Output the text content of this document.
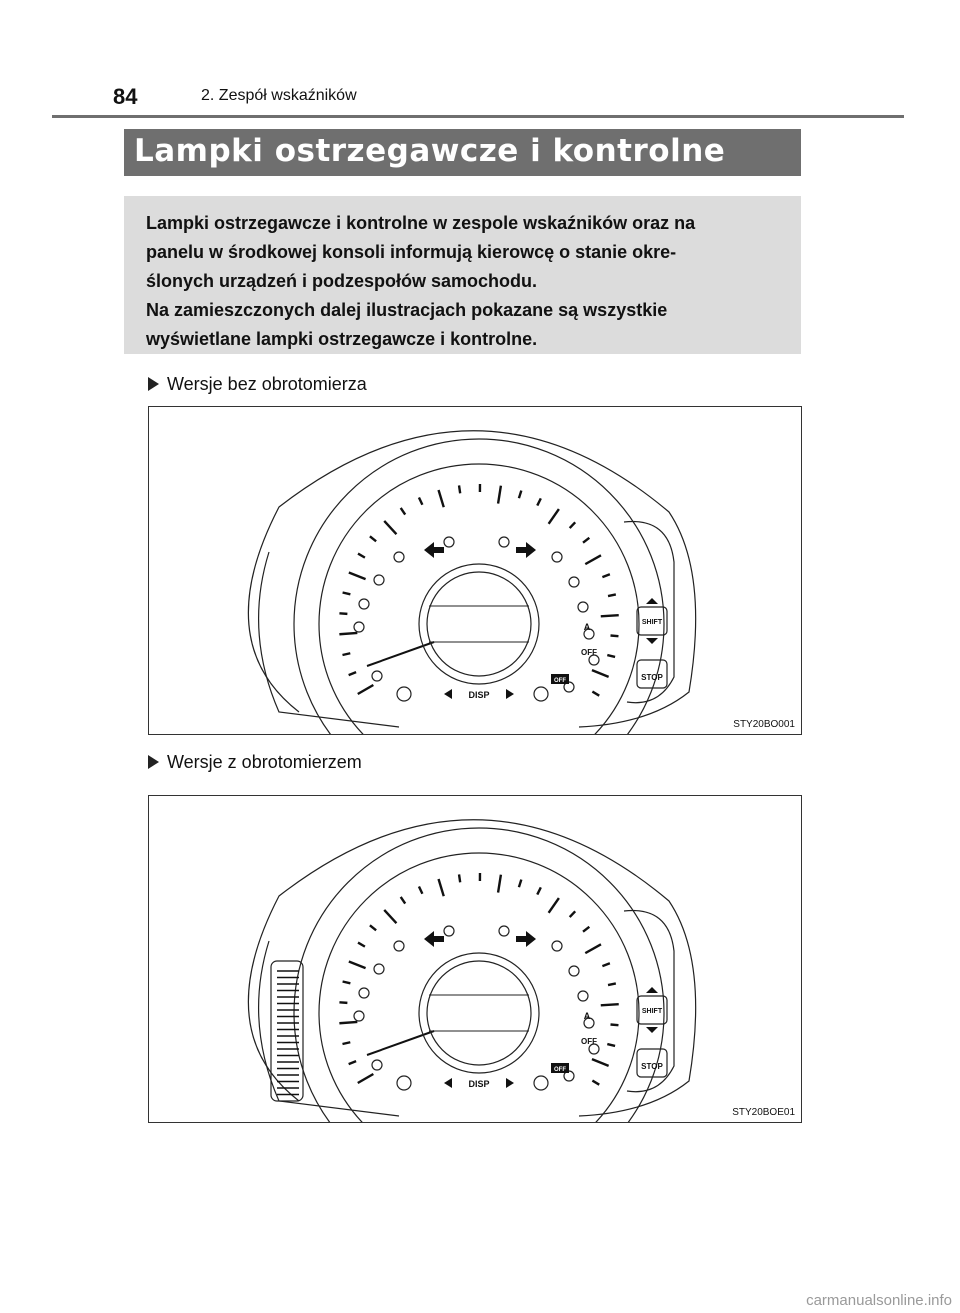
84	2. Zespół wskaźników
Lampki ostrzegawcze i kontrolne

Lampki ostrzegawcze i kontrolne w zespole wskaźników oraz na
panelu w środkowej konsoli informują kierowcę o stanie okre-
ślonych urządzeń i podzespołów samochodu.
Na zamieszczonych dalej ilustracjach pokazane są wszystkie
wyświetlane lampki ostrzegawcze i kontrolne.

Wersje bez obrotomierza
A
OFF
DISP
OFF
SHIFT
STOP
STY20BO001
Wersje z obrotomierzem
A
OFF
DISP
OFF
SHIFT
STOP
STY20BOE01
carmanualsonline.info
